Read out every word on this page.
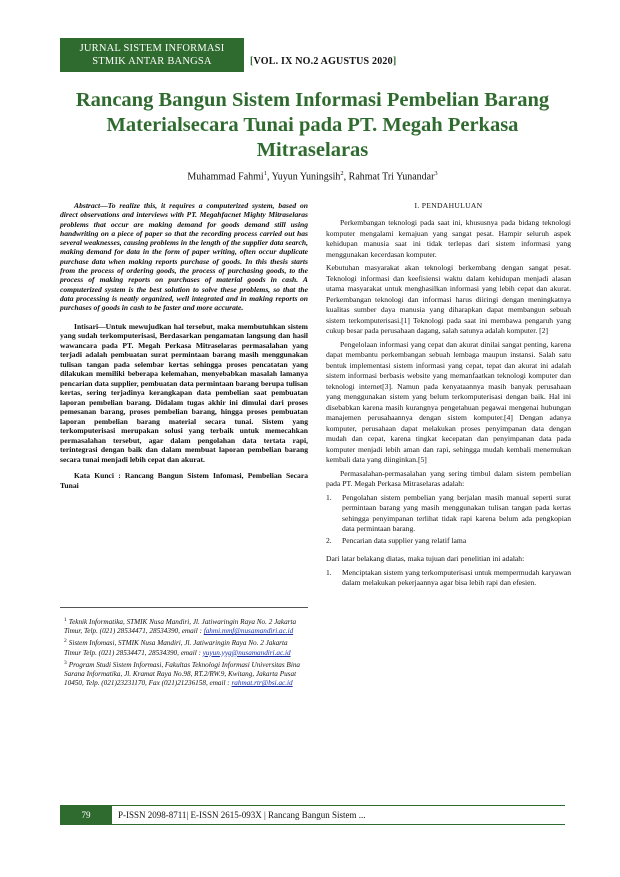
JURNAL SISTEM INFORMASI
STMIK ANTAR BANGSA	[VOL. IX NO.2 AGUSTUS 2020]
Rancang Bangun Sistem Informasi Pembelian Barang Materialsecara Tunai pada PT. Megah Perkasa Mitraselaras
Muhammad Fahmi$^1$, Yuyun Yuningsih$^2$, Rahmat Tri Yunandar$^3$

Abstract—To realize this, it requires a computerized system, based on direct observations and interviews with PT. Megahfacnet Mighty Mitraselaras problems that occur are making demand for goods demand still using handwriting on a piece of paper so that the recording process carried out has several weaknesses, causing problems in the length of the supplier data search, making demand for data in the form of paper writing, often occur duplicate purchase data when making reports purchase of goods. In this thesis starts from the process of ordering goods, the process of purchasing goods, to the process of making reports on purchases of material goods in cash. A computerized system is the best solution to solve these problems, so that the data processing is neatly organized, well integrated and in making reports on purchases of goods in cash to be faster and more accurate.

Intisari—Untuk mewujudkan hal tersebut, maka membutuhkan sistem yang sudah terkomputerisasi, Berdasarkan pengamatan langsung dan hasil wawancara pada PT. Megah Perkasa Mitraselaras permasalahan yang terjadi adalah pembuatan surat permintaan barang masih menggunakan tulisan tangan pada selembar kertas sehingga proses pencatatan yang dilakukan memiliki beberapa kelemahan, menyebabkan masalah lamanya pencarian data supplier, pembuatan data permintaan barang berupa tulisan kertas, sering terjadinya kerangkapan data pembelian saat pembuatan laporan pembelian barang. Didalam tugas akhir ini dimulai dari proses pemesanan barang, proses pembelian barang, hingga proses pembuatan laporan pembelian barang material secara tunai. Sistem yang terkomputerisasi merupakan solusi yang terbaik untuk memecahkan permasalahan tersebut, agar dalam pengolahan data tertata rapi, terintegrasi dengan baik dan dalam membuat laporan pembelian barang secara tunai menjadi lebih cepat dan akurat.

Kata Kunci : Rancang Bangun Sistem Infomasi, Pembelian Secara Tunai

$^1$ Teknik Informatika, STMIK Nusa Mandiri, Jl. Jatiwaringin Raya No. 2 Jakarta Timur, Telp. (021) 28534471, 28534390, email : fahmi.mmf@nusamandiri.ac.id
$^2$ Sistem Infomasi, STMIK Nusa Mandiri, Jl. Jatiwaringin Raya No. 2 Jakarta Timur Telp. (021) 28534471, 28534390, email : yuyun.yyg@nusamandiri.ac.id
$^3$ Program Studi Sistem Informasi, Fakultas Teknologi Informasi Universitas Bina Sarana Informatika, Jl. Kramat Raya No.98, RT.2/RW.9, Kwitang, Jakarta Pusat 10450, Telp. (021)23231170, Fax (021)21236158, email : rahmat.rtr@bsi.ac.id
I. PENDAHULUAN

Perkembangan teknologi pada saat ini, khususnya pada bidang teknologi komputer mengalami kemajuan yang sangat pesat. Hampir seluruh aspek kehidupan manusia saat ini tidak terlepas dari sistem informasi yang menggunakan kecerdasan komputer.

Kebutuhan masyarakat akan teknologi berkembang dengan sangat pesat. Teknologi informasi dan keefisiensi waktu dalam kehidupan menjadi alasan utama masyarakat untuk menghasilkan informasi yang lebih cepat dan akurat. Perkembangan teknologi dan informasi harus diiringi dengan meningkatnya kualitas sumber daya manusia yang diharapkan dapat membangun sebuah sistem terkomputerisasi.[1] Teknologi pada saat ini membawa pengaruh yang cukup besar pada perusahaan dagang, salah satunya adalah komputer. [2]

Pengelolaan informasi yang cepat dan akurat dinilai sangat penting, karena dapat membantu perkembangan sebuah lembaga maupun instansi. Salah satu bentuk implementasi sistem informasi yang cepat, tepat dan akurat ini adalah sistem informasi berbasis website yang memanfaatkan teknologi komputer dan teknologi internet[3]. Namun pada kenyataannya masih banyak perusahaan yang menggunakan sistem yang belum terkomputerisasi dengan baik. Hal ini disebabkan karena masih kurangnya pengetahuan pegawai mengenai hubungan manajemen perusahaannya dengan sistem komputer.[4] Dengan adanya komputer, perusahaan dapat melakukan proses penyimpanan data dengan mudah dan cepat, karena tingkat kecepatan dan penyimpanan data pada komputer menjadi lebih aman dan rapi, sehingga mudah kembali menemukan kembali data yang diinginkan.[5]

Permasalahan-permasalahan yang sering timbul dalam sistem pembelian pada PT. Megah Perkasa Mitraselaras adalah:

1.	Pengolahan sistem pembelian yang berjalan masih manual seperti surat permintaan barang yang masih menggunakan tulisan tangan pada kertas sehingga penyimpanan terlihat tidak rapi karena belum ada pengkopian data permintaan barang.
2.	Pencarian data supplier yang relatif lama

Dari latar belakang diatas, maka tujuan dari penelitian ini adalah:

1.	Menciptakan sistem yang terkomputerisasi untuk mempermudah karyawan dalam melakukan pekerjaannya agar bisa lebih rapi dan efesien.
79	P-ISSN 2098-8711| E-ISSN 2615-093X | Rancang Bangun Sistem ...
